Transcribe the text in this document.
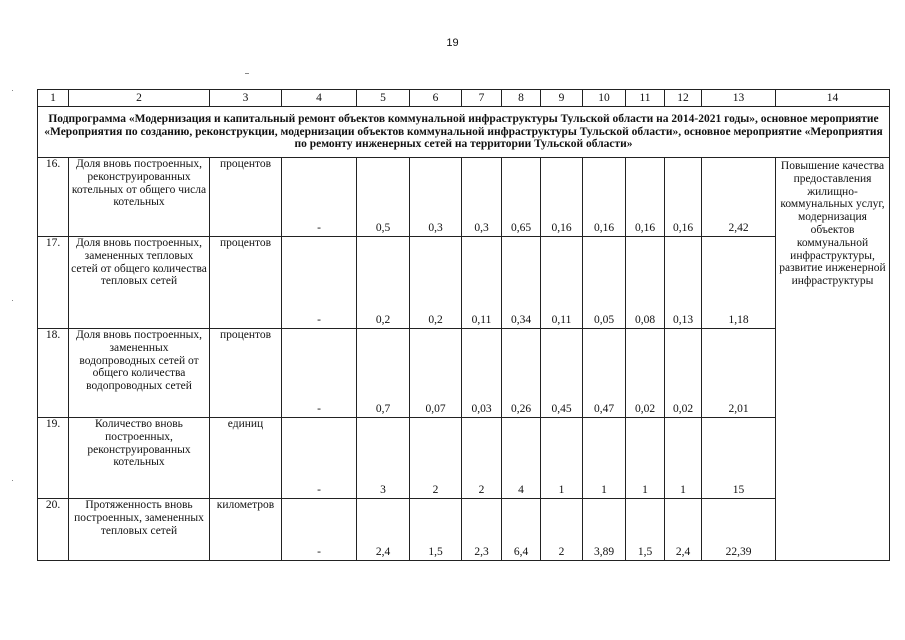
19
1	2	3	4	5	6	7	8	9	10	11	12	13	14
Подпрограмма «Модернизация и капитальный ремонт объектов коммунальной инфраструктуры Тульской области на 2014-2021 годы», основное мероприятие «Мероприятия по созданию, реконструкции, модернизации объектов коммунальной инфраструктуры Тульской области», основное мероприятие «Мероприятия по ремонту инженерных сетей на территории Тульской области»													
16.	Доля вновь построенных, реконструированных котельных от общего числа котельных	процентов	-	0,5	0,3	0,3	0,65	0,16	0,16	0,16	0,16	2,42	Повышение качества предоставления жилищно-коммунальных услуг, модернизация объектов коммунальной инфраструктуры, развитие инженерной инфраструктуры
17.	Доля вновь построенных, замененных тепловых сетей от общего количества тепловых сетей	процентов	-	0,2	0,2	0,11	0,34	0,11	0,05	0,08	0,13	1,18	
18.	Доля вновь построенных, замененных водопроводных сетей от общего количества водопроводных сетей	процентов	-	0,7	0,07	0,03	0,26	0,45	0,47	0,02	0,02	2,01	
19.	Количество вновь построенных, реконструированных котельных	единиц	-	3	2	2	4	1	1	1	1	15	
20.	Протяженность вновь построенных, замененных тепловых сетей	километров	-	2,4	1,5	2,3	6,4	2	3,89	1,5	2,4	22,39	
